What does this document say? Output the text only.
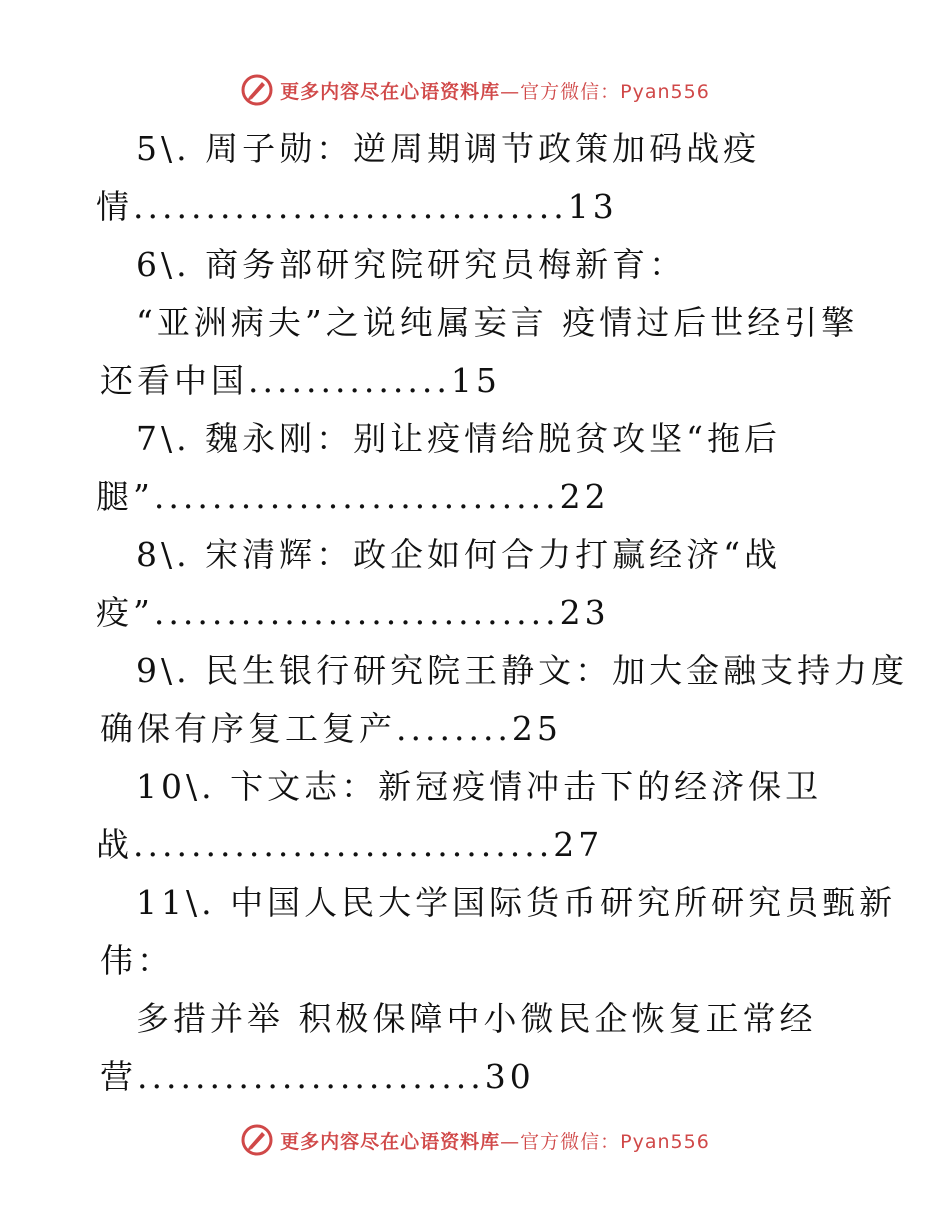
更多内容尽在心语资料库—官方微信：Pyan556
5\. 周子勋：逆周期调节政策加码战疫
情..............................13
6\. 商务部研究院研究员梅新育：
“亚洲病夫”之说纯属妄言 疫情过后世经引擎
还看中国..............15
7\. 魏永刚：别让疫情给脱贫攻坚“拖后
腿”............................22
8\. 宋清辉：政企如何合力打赢经济“战
疫”............................23
9\. 民生银行研究院王静文：加大金融支持力度
确保有序复工复产........25
10\. 卞文志：新冠疫情冲击下的经济保卫
战.............................27
11\. 中国人民大学国际货币研究所研究员甄新
伟：
多措并举 积极保障中小微民企恢复正常经
营........................30
更多内容尽在心语资料库—官方微信：Pyan556
